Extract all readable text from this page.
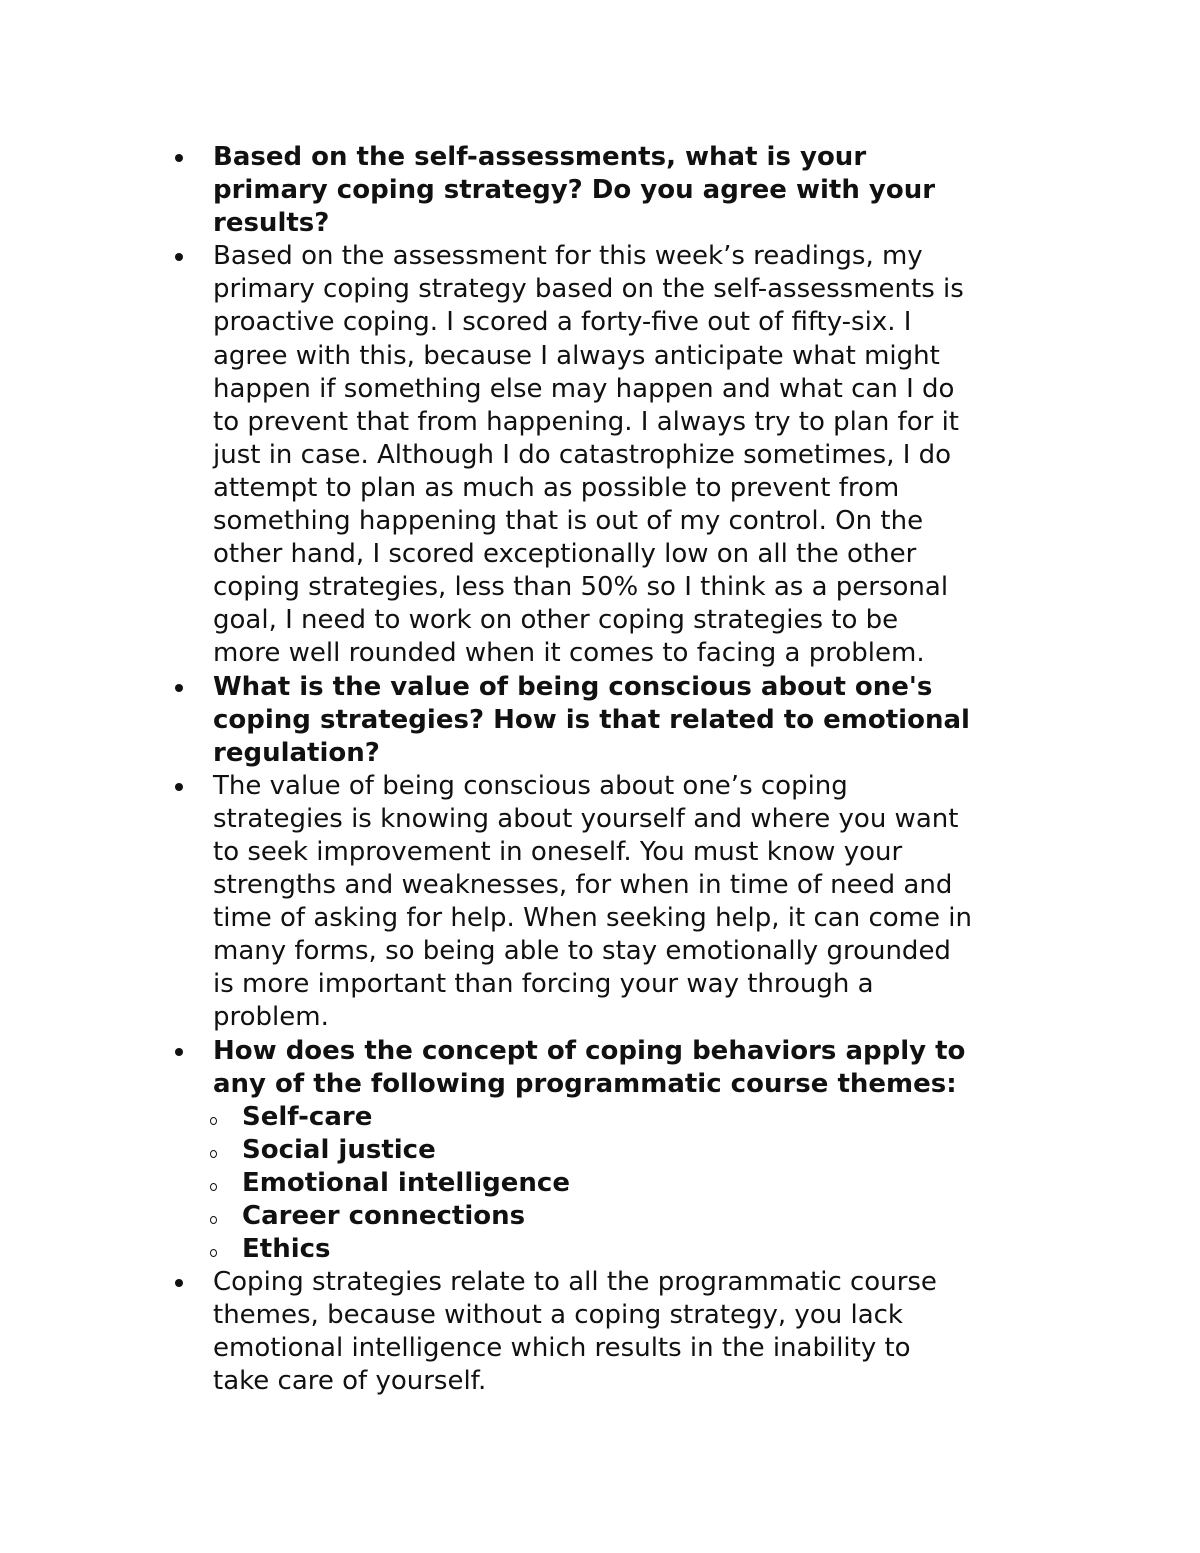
Based on the self-assessments, what is your
primary coping strategy? Do you agree with your
results?
Based on the assessment for this week’s readings, my
primary coping strategy based on the self-assessments is
proactive coping. I scored a forty-five out of fifty-six. I
agree with this, because I always anticipate what might
happen if something else may happen and what can I do
to prevent that from happening. I always try to plan for it
just in case. Although I do catastrophize sometimes, I do
attempt to plan as much as possible to prevent from
something happening that is out of my control. On the
other hand, I scored exceptionally low on all the other
coping strategies, less than 50% so I think as a personal
goal, I need to work on other coping strategies to be
more well rounded when it comes to facing a problem.
What is the value of being conscious about one's
coping strategies? How is that related to emotional
regulation?
The value of being conscious about one’s coping
strategies is knowing about yourself and where you want
to seek improvement in oneself. You must know your
strengths and weaknesses, for when in time of need and
time of asking for help. When seeking help, it can come in
many forms, so being able to stay emotionally grounded
is more important than forcing your way through a
problem.
How does the concept of coping behaviors apply to
any of the following programmatic course themes:
Self-care
Social justice
Emotional intelligence
Career connections
Ethics
Coping strategies relate to all the programmatic course
themes, because without a coping strategy, you lack
emotional intelligence which results in the inability to
take care of yourself.
